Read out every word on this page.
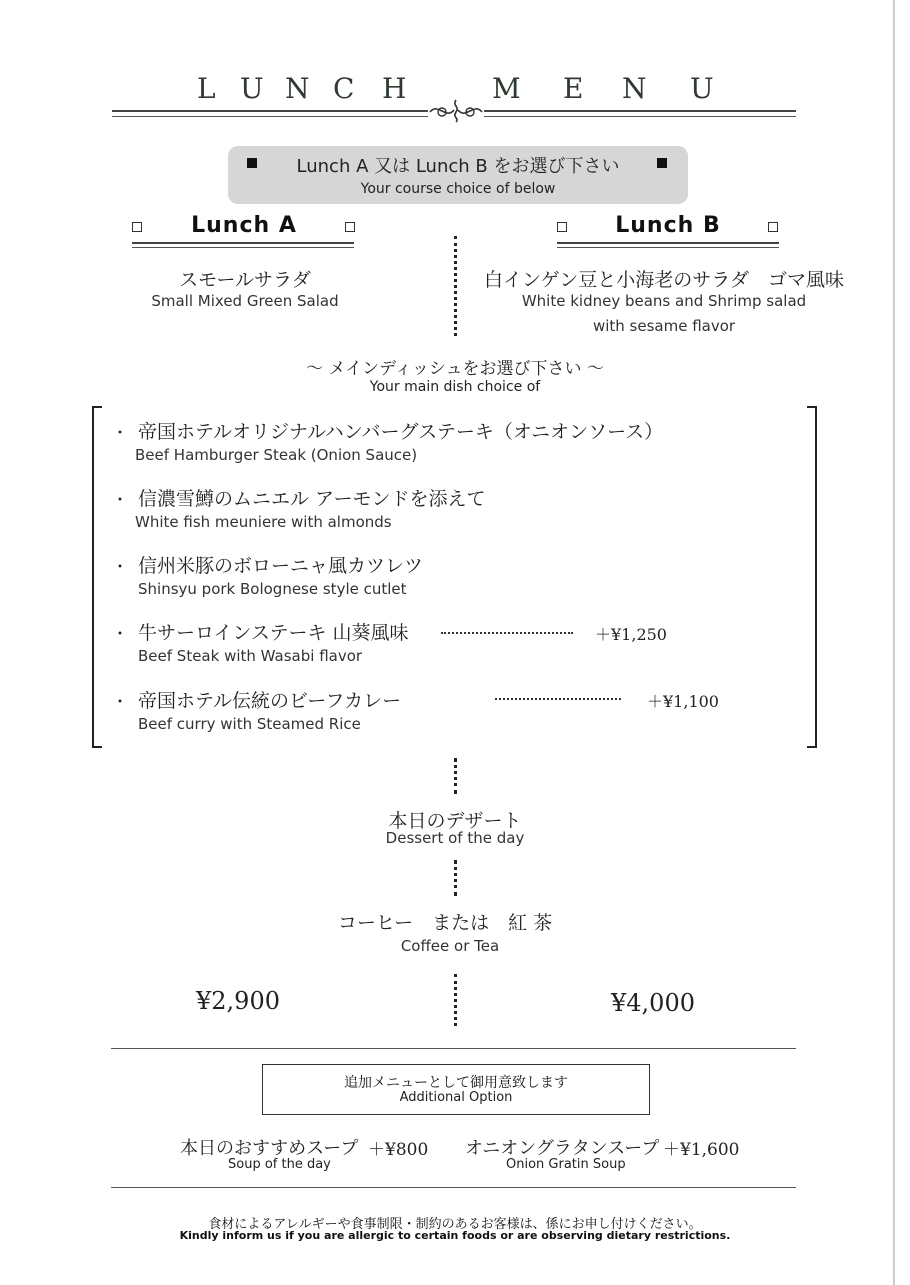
L U N C H	M E N U
Lunch A 又は Lunch B をお選び下さい
Your course choice of below
Lunch A	Lunch B
スモールサラダ
Small Mixed Green Salad
白インゲン豆と小海老のサラダ　ゴマ風味
White kidney beans and Shrimp salad
with sesame flavor
～ メインディッシュをお選び下さい ～
Your main dish choice of
・ 帝国ホテルオリジナルハンバーグステーキ（オニオンソース）
Beef Hamburger Steak (Onion Sauce)
・ 信濃雪鱒のムニエル アーモンドを添えて
White fish meuniere with almonds
・ 信州米豚のボローニャ風カツレツ
Shinsyu pork Bolognese style cutlet
・ 牛サーロインステーキ 山葵風味	＋¥1,250
Beef Steak with Wasabi flavor
・ 帝国ホテル伝統のビーフカレー	＋¥1,100
Beef curry with Steamed Rice
本日のデザート
Dessert of the day
コーヒー　または　紅 茶
Coffee or Tea
¥2,900	¥4,000
追加メニューとして御用意致します
Additional Option
本日のおすすめスープ ＋¥800
Soup of the day
オニオングラタンスープ ＋¥1,600
Onion Gratin Soup
食材によるアレルギーや食事制限・制約のあるお客様は、係にお申し付けください。
Kindly inform us if you are allergic to certain foods or are observing dietary restrictions.
